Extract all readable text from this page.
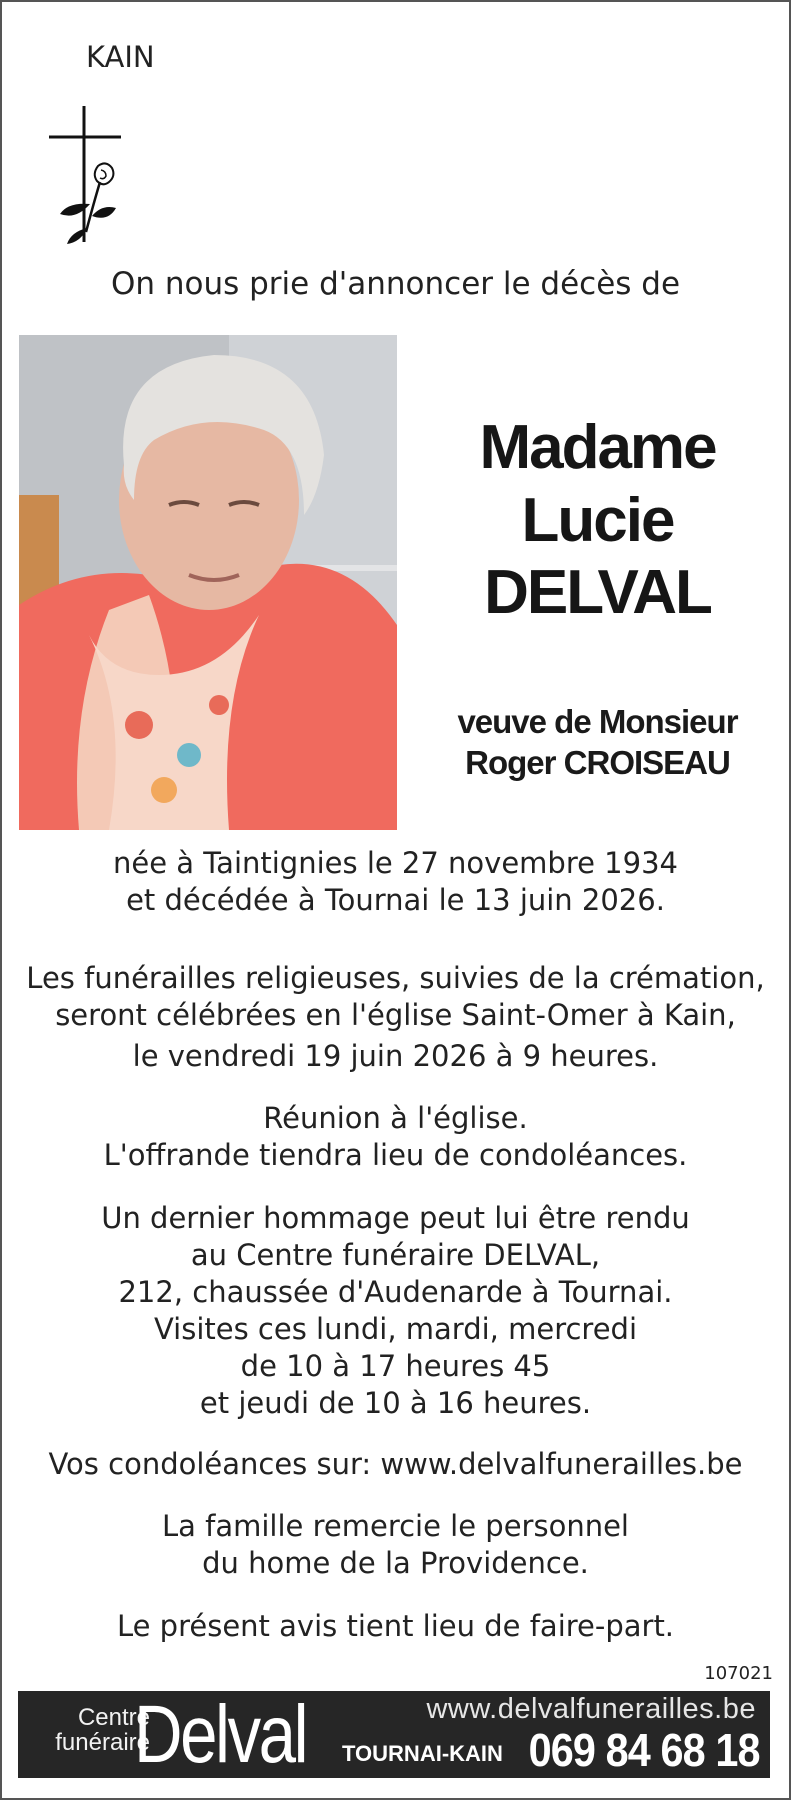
KAIN
On nous prie d'annoncer le décès de
Madame
Lucie
DELVAL
veuve de Monsieur
Roger CROISEAU
née à Taintignies le 27 novembre 1934
et décédée à Tournai le 13 juin 2026.
Les funérailles religieuses, suivies de la crémation,
seront célébrées en l'église Saint-Omer à Kain,
le vendredi 19 juin 2026 à 9 heures.
Réunion à l'église.
L'offrande tiendra lieu de condoléances.
Un dernier hommage peut lui être rendu
au Centre funéraire DELVAL,
212, chaussée d'Audenarde à Tournai.
Visites ces lundi, mardi, mercredi
de 10 à 17 heures 45
et jeudi de 10 à 16 heures.
Vos condoléances sur: www.delvalfunerailles.be
La famille remercie le personnel
du home de la Providence.
Le présent avis tient lieu de faire-part.
107021
Centre
funéraire
Delval	www.delvalfunerailles.be
TOURNAI-KAIN 069 84 68 18
